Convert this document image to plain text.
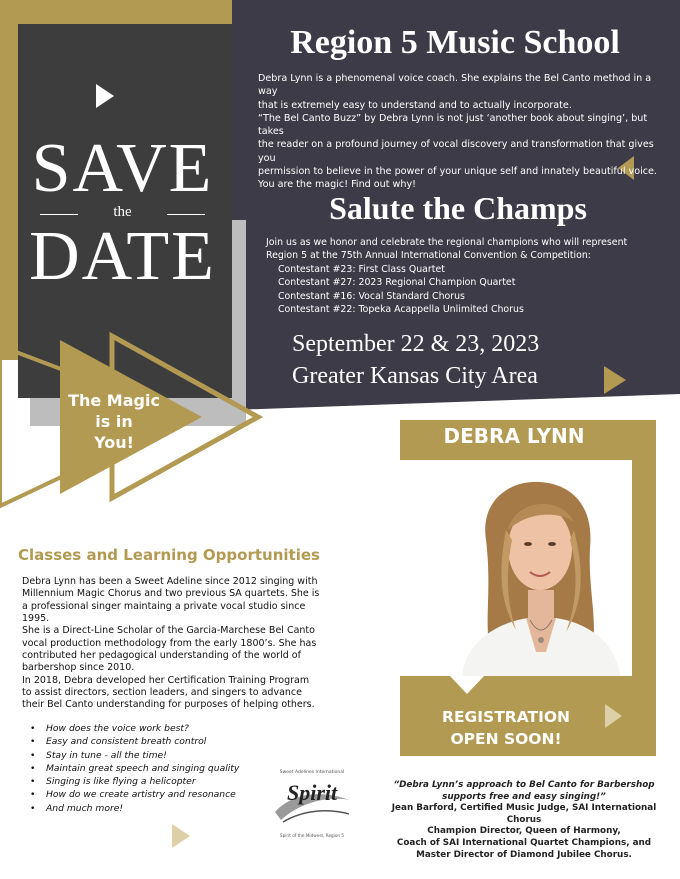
Region 5 Music School

Debra Lynn is a phenomenal voice coach. She explains the Bel Canto method in a way

that is extremely easy to understand and to actually incorporate.

“The Bel Canto Buzz” by Debra Lynn is not just ‘another book about singing’, but takes

the reader on a profound journey of vocal discovery and transformation that gives you

permission to believe in the power of your unique self and innately beautiful voice.

You are the magic! Find out why!

SAVE
the
DATE
Salute the Champs
Join us as we honor and celebrate the regional champions who will represent
Region 5 at the 75th Annual International Convention & Competition:
Contestant #23: First Class Quartet
Contestant #27: 2023 Regional Champion Quartet
Contestant #16: Vocal Standard Chorus
Contestant #22: Topeka Acappella Unlimited Chorus
September 22 & 23, 2023
Greater Kansas City Area
The Magic
is in
You!	DEBRA LYNN
REGISTRATION
OPEN SOON!
Classes and Learning Opportunities
Debra Lynn has been a Sweet Adeline since 2012 singing with
Millennium Magic Chorus and two previous SA quartets. She is
a professional singer maintaing a private vocal studio since 1995.
She is a Direct-Line Scholar of the Garcia-Marchese Bel Canto
vocal production methodology from the early 1800’s. She has
contributed her pedagogical understanding of the world of
barbershop since 2010.
In 2018, Debra developed her Certification Training Program
to assist directors, section leaders, and singers to advance
their Bel Canto understanding for purposes of helping others.
• How does the voice work best?
• Easy and consistent breath control
• Stay in tune - all the time!
• Maintain great speech and singing quality
• Singing is like flying a helicopter
• How do we create artistry and resonance
• And much more!
Sweet Adelines International
Spirit
Spirit of the Midwest, Region 5
“Debra Lynn’s approach to Bel Canto for Barbershop
supports free and easy singing!”
Jean Barford, Certified Music Judge, SAI International Chorus
Champion Director, Queen of Harmony,
Coach of SAI International Quartet Champions, and
Master Director of Diamond Jubilee Chorus.
